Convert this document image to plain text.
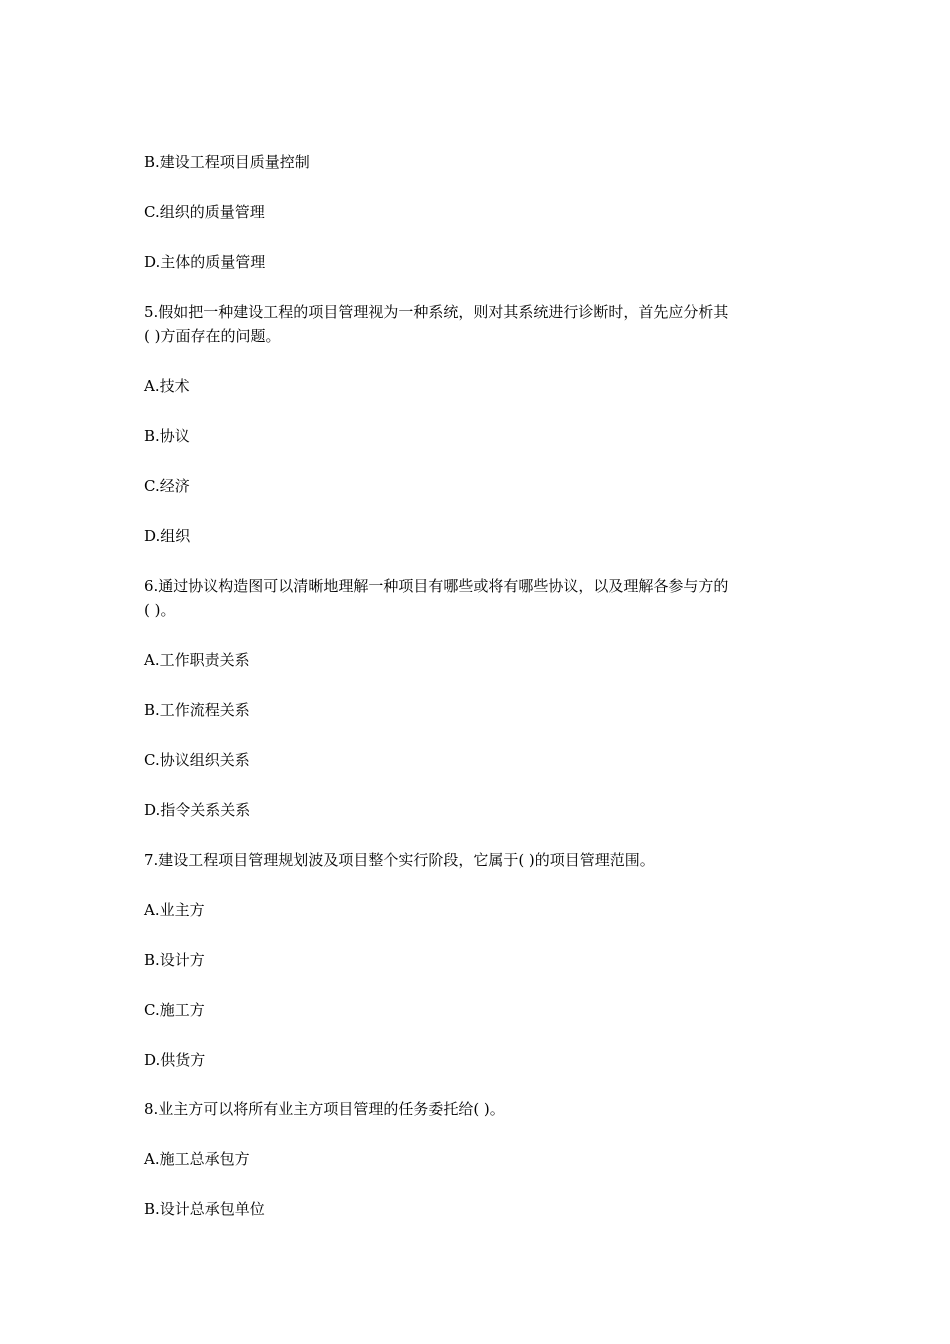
B.建设工程项目质量控制
C.组织的质量管理
D.主体的质量管理
5.假如把一种建设工程的项目管理视为一种系统，则对其系统进行诊断时，首先应分析其
( )方面存在的问题。
A.技术
B.协议
C.经济
D.组织
6.通过协议构造图可以清晰地理解一种项目有哪些或将有哪些协议，以及理解各参与方的
( )。
A.工作职责关系
B.工作流程关系
C.协议组织关系
D.指令关系关系
7.建设工程项目管理规划波及项目整个实行阶段，它属于( )的项目管理范围。
A.业主方
B.设计方
C.施工方
D.供货方
8.业主方可以将所有业主方项目管理的任务委托给( )。
A.施工总承包方
B.设计总承包单位
